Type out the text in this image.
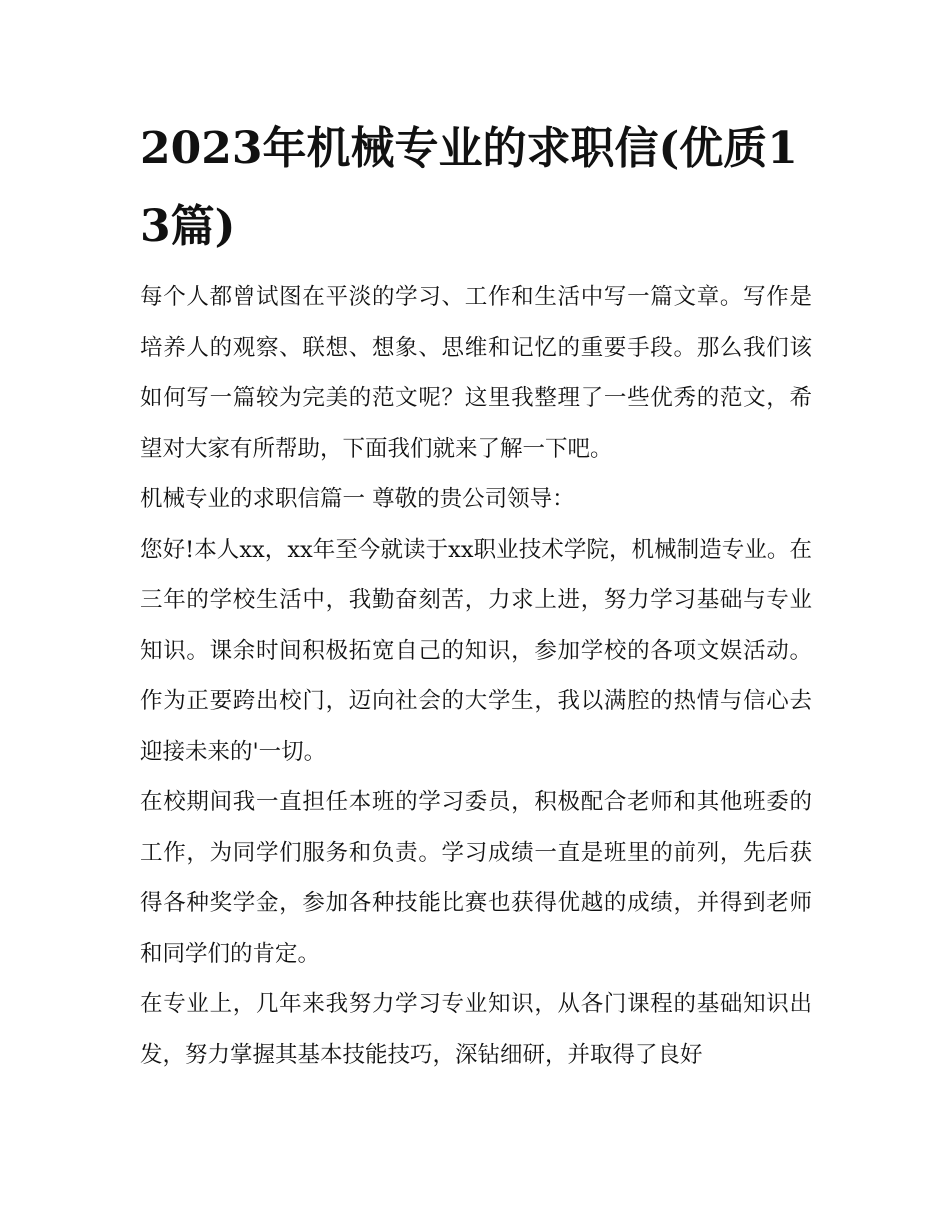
2023年机械专业的求职信(优质13篇)

每个人都曾试图在平淡的学习、工作和生活中写一篇文章。写作是培养人的观察、联想、想象、思维和记忆的重要手段。那么我们该如何写一篇较为完美的范文呢？这里我整理了一些优秀的范文，希望对大家有所帮助，下面我们就来了解一下吧。

机械专业的求职信篇一 尊敬的贵公司领导：

您好!本人xx，xx年至今就读于xx职业技术学院，机械制造专业。在三年的学校生活中，我勤奋刻苦，力求上进，努力学习基础与专业知识。课余时间积极拓宽自己的知识，参加学校的各项文娱活动。作为正要跨出校门，迈向社会的大学生，我以满腔的热情与信心去迎接未来的'一切。

在校期间我一直担任本班的学习委员，积极配合老师和其他班委的工作，为同学们服务和负责。学习成绩一直是班里的前列，先后获得各种奖学金，参加各种技能比赛也获得优越的成绩，并得到老师和同学们的肯定。

在专业上，几年来我努力学习专业知识，从各门课程的基础知识出发，努力掌握其基本技能技巧，深钻细研，并取得了良好
